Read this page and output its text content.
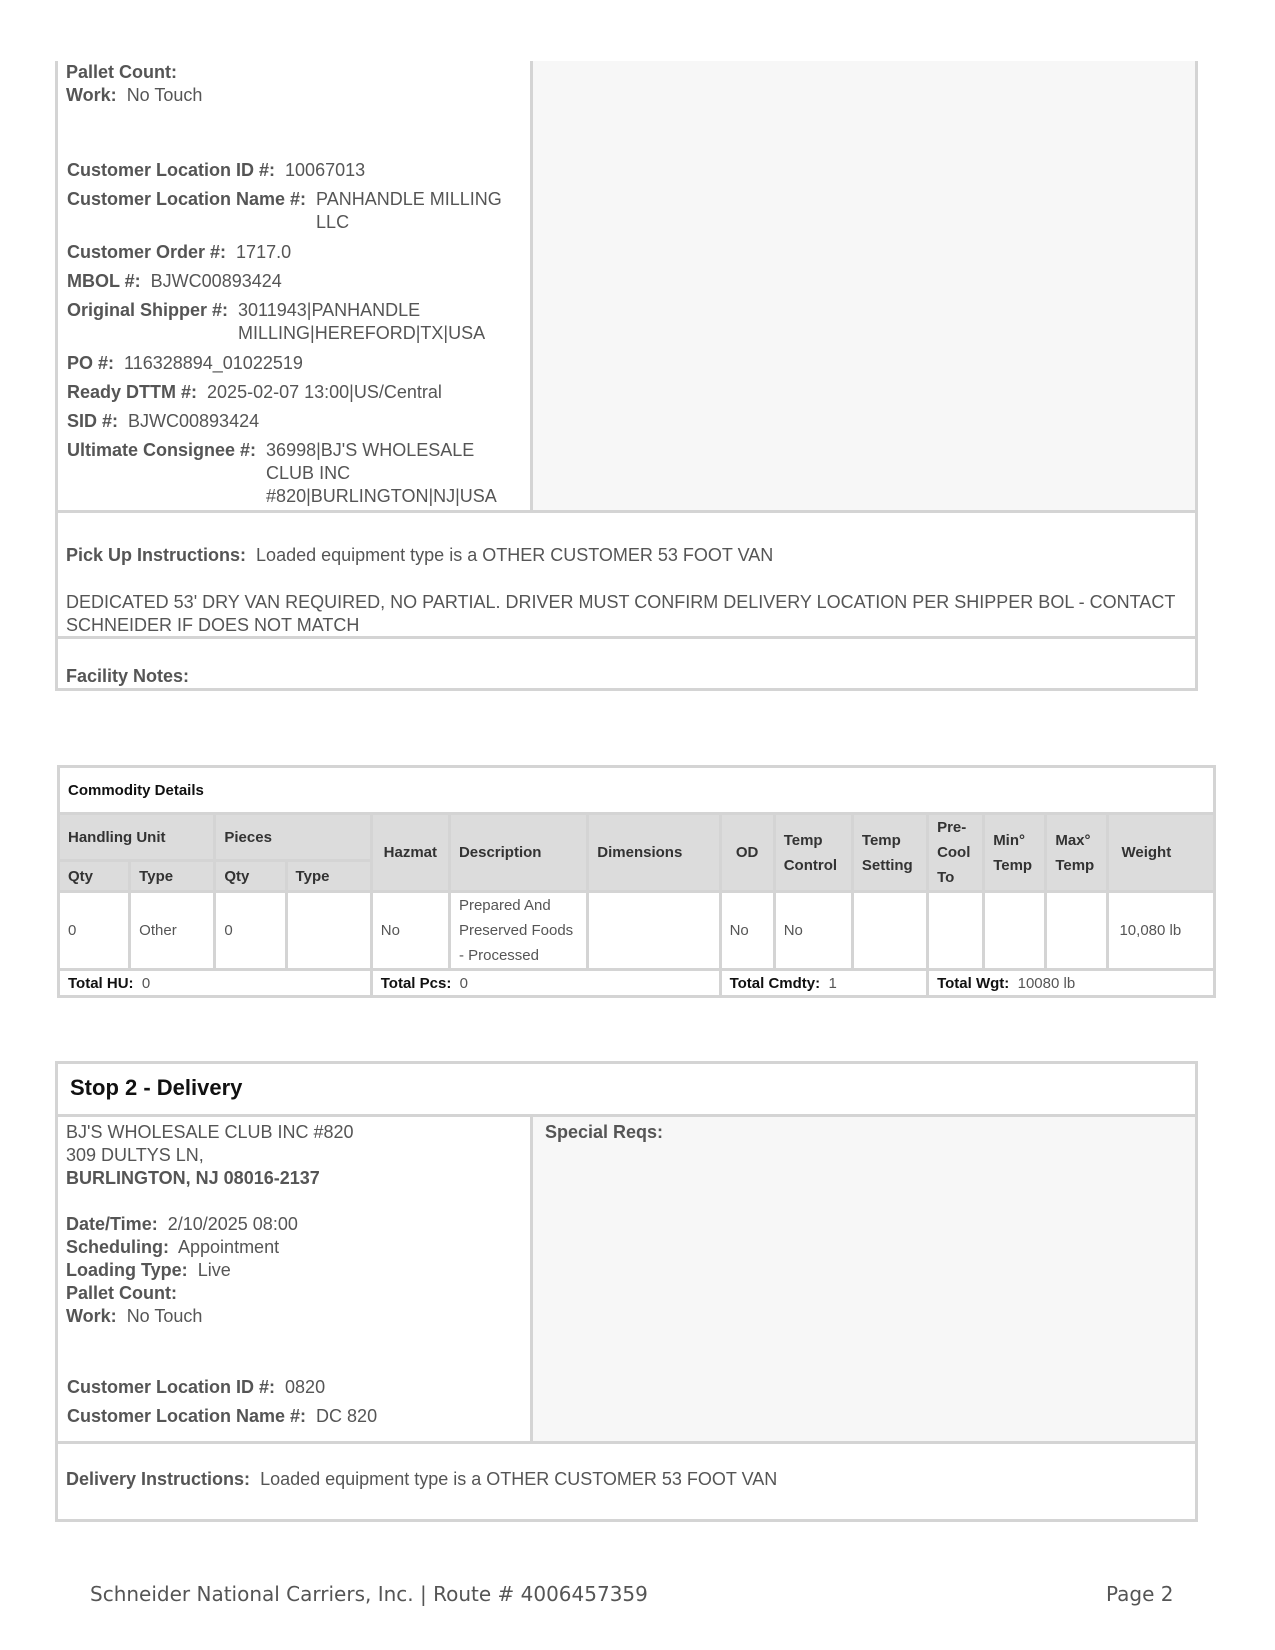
Pallet Count:
Work: No Touch
Customer Location ID #: 10067013
Customer Location Name #: PANHANDLE MILLING LLC
Customer Order #: 1717.0
MBOL #: BJWC00893424
Original Shipper #: 3011943|PANHANDLE MILLING|HEREFORD|TX|USA
PO #: 116328894_01022519
Ready DTTM #: 2025-02-07 13:00|US/Central
SID #: BJWC00893424
Ultimate Consignee #: 36998|BJ'S WHOLESALE CLUB INC #820|BURLINGTON|NJ|USA
Pick Up Instructions: Loaded equipment type is a OTHER CUSTOMER 53 FOOT VAN
DEDICATED 53' DRY VAN REQUIRED, NO PARTIAL. DRIVER MUST CONFIRM DELIVERY LOCATION PER SHIPPER BOL - CONTACT SCHNEIDER IF DOES NOT MATCH
Facility Notes:
Commodity Details													
Handling Unit		Pieces		Hazmat	Description	Dimensions	OD	Temp Control	Temp Setting	Pre-Cool To	Min° Temp	Max° Temp	Weight
Qty	Type	Qty	Type										
0	Other	0		No	Prepared And Preserved Foods - Processed		No	No					10,080 lb
Total HU: 0				Total Pcs: 0			Total Cmdty: 1			Total Wgt: 10080 lb			
Stop 2 - Delivery
BJ'S WHOLESALE CLUB INC #820
309 DULTYS LN,
BURLINGTON, NJ 08016-2137
Date/Time: 2/10/2025 08:00
Scheduling: Appointment
Loading Type: Live
Pallet Count:
Work: No Touch
Customer Location ID #: 0820
Customer Location Name #: DC 820
Special Reqs:
Delivery Instructions: Loaded equipment type is a OTHER CUSTOMER 53 FOOT VAN
Schneider National Carriers, Inc. | Route # 4006457359	Page 2
